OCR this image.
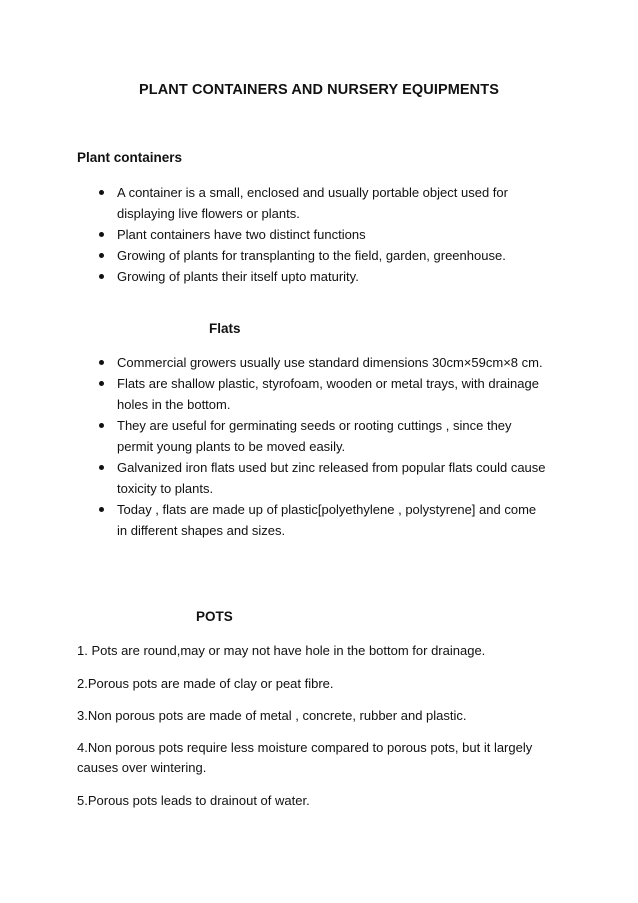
PLANT CONTAINERS AND NURSERY EQUIPMENTS
Plant containers
A container is a small, enclosed and usually portable object used for displaying live flowers or plants.
Plant containers have two distinct functions
Growing of plants for transplanting to the field, garden, greenhouse.
Growing of plants their itself upto maturity.
Flats
Commercial growers usually use standard dimensions 30cm×59cm×8 cm.
Flats are shallow plastic, styrofoam, wooden or metal trays, with drainage holes in the bottom.
They are useful for germinating seeds or rooting cuttings , since they permit young plants to be moved easily.
Galvanized iron flats used but zinc released from popular flats could cause toxicity to plants.
Today , flats are made up of plastic[polyethylene , polystyrene] and come in different shapes and sizes.
POTS

1. Pots are round,may or may not have hole in the bottom for drainage.

2.Porous pots are made of clay or peat fibre.

3.Non porous pots are made of metal , concrete, rubber and plastic.

4.Non porous pots require less moisture compared to porous pots, but it largely causes over wintering.

5.Porous pots leads to drainout of water.
